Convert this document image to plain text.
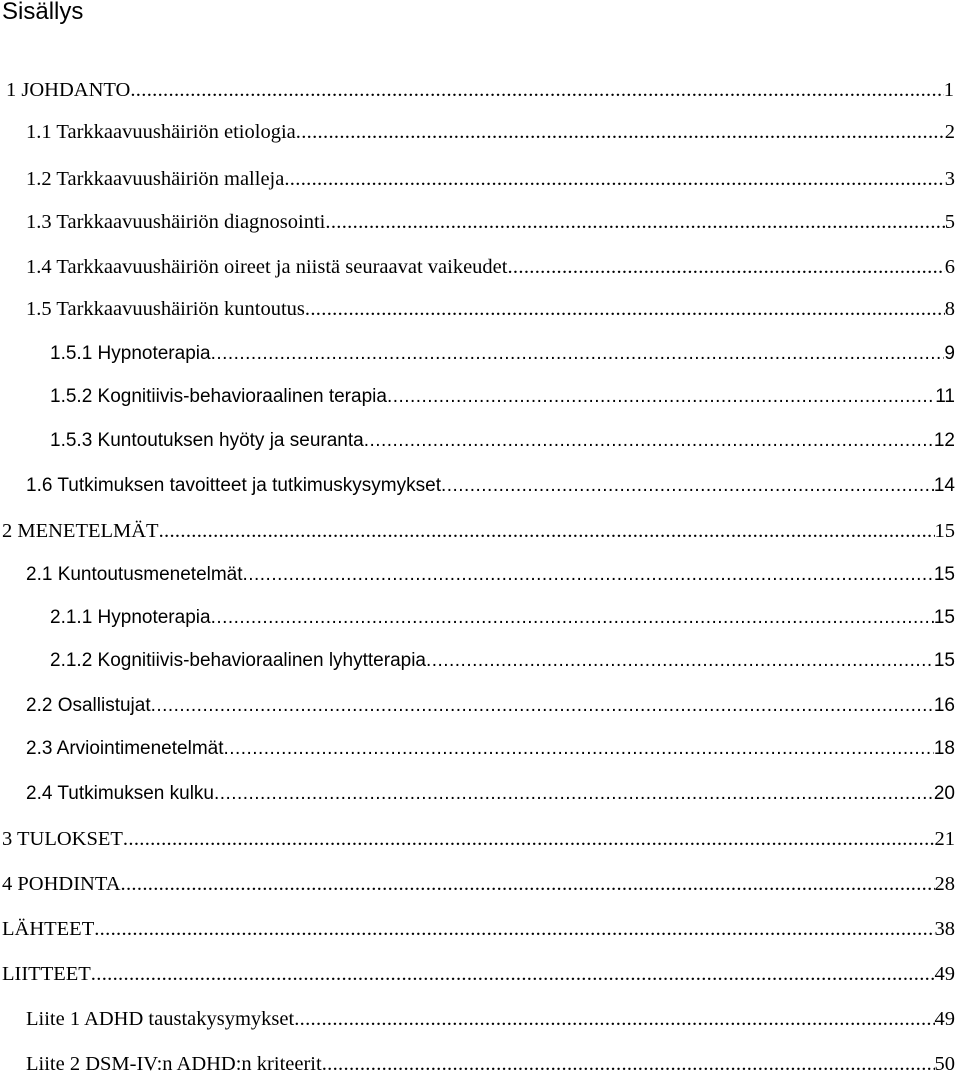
Sisällys
1 JOHDANTO . . .	1
1.1 Tarkkaavuushäiriön etiologia . . .	2
1.2 Tarkkaavuushäiriön malleja . . .	3
1.3 Tarkkaavuushäiriön diagnosointi . . .	5
1.4 Tarkkaavuushäiriön oireet ja niistä seuraavat vaikeudet . . .	6
1.5 Tarkkaavuushäiriön kuntoutus . . .	8
1.5.1 Hypnoterapia . . .	9
1.5.2 Kognitiivis-behavioraalinen terapia . . .	11
1.5.3 Kuntoutuksen hyöty ja seuranta . . .	12
1.6 Tutkimuksen tavoitteet ja tutkimuskysymykset . . .	14
2 MENETELMÄT . . .	15
2.1 Kuntoutusmenetelmät . . .	15
2.1.1 Hypnoterapia . . .	15
2.1.2 Kognitiivis-behavioraalinen lyhytterapia . . .	15
2.2 Osallistujat . . .	16
2.3 Arviointimenetelmät . . .	18
2.4 Tutkimuksen kulku . . .	20
3 TULOKSET . . .	21
4 POHDINTA . . .	28
LÄHTEET . . .	38
LIITTEET . . .	49
Liite 1 ADHD taustakysymykset . . .	49
Liite 2 DSM-IV:n ADHD:n kriteerit . . .	50
